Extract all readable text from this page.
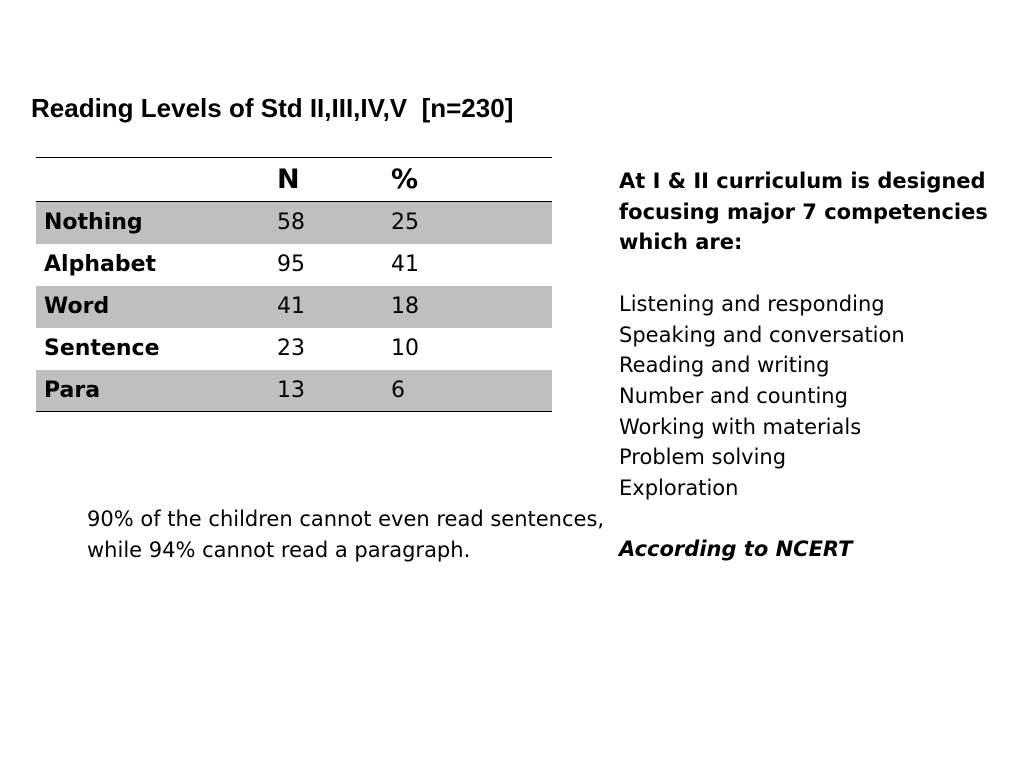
Reading Levels of Std II,III,IV,V  [n=230]
	N	%
Nothing	58	25
Alphabet	95	41
Word	41	18
Sentence	23	10
Para	13	6

At I & II curriculum is designed focusing major 7 competencies which are:

Listening and responding
Speaking and conversation
Reading and writing
Number and counting
Working with materials
Problem solving
Exploration
According to NCERT

90% of the children cannot even read sentences, while 94% cannot read a paragraph.
